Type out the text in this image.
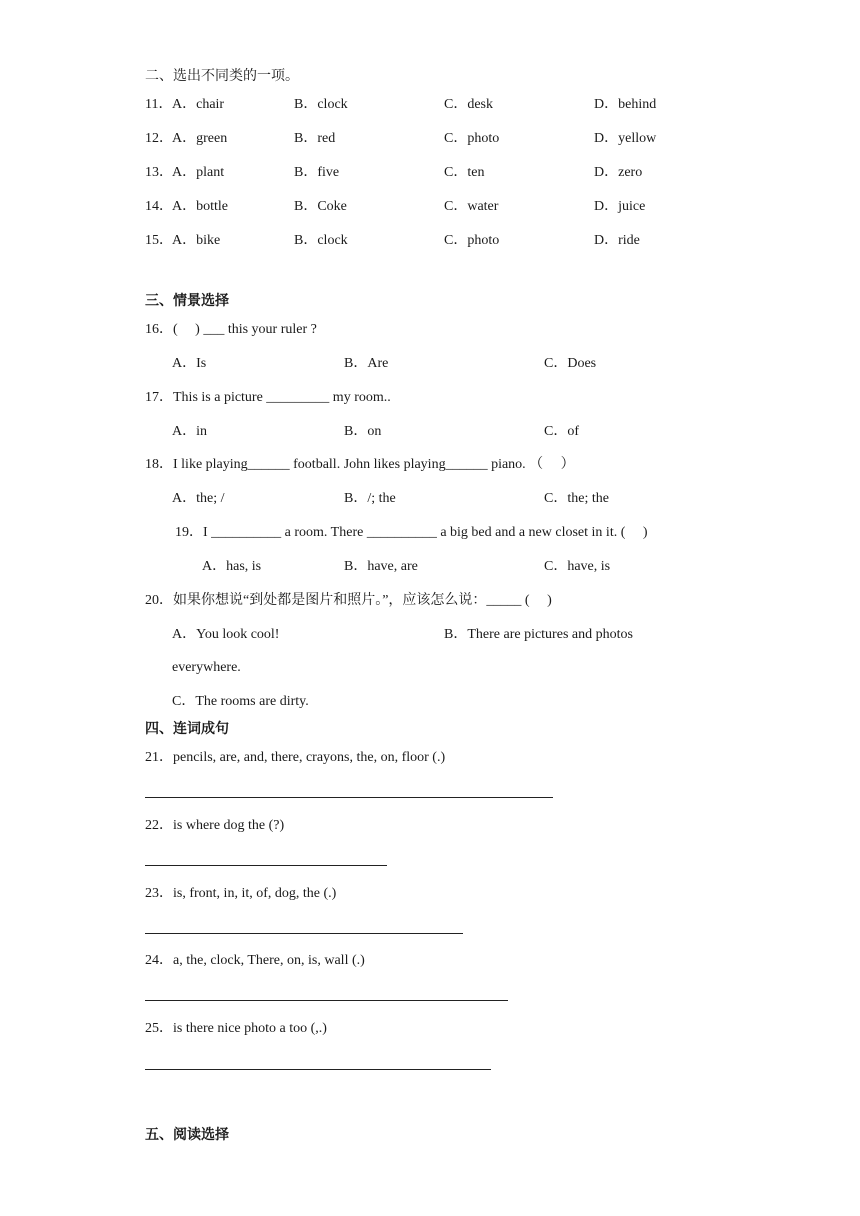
二、选出不同类的一项。
11． A．chair	B．clock	C．desk	D．behind
12． A．green	B．red	C．photo	D．yellow
13． A．plant	B．five	C．ten	D．zero
14． A．bottle	B．Coke	C．water	D．juice
15． A．bike	B．clock	C．photo	D．ride
三、情景选择
16．( 　) ___ this your ruler ?
A．Is	B．Are	C．Does
17．This is a picture _________ my room..
A．in	B．on	C．of
18．I like playing______ football. John likes playing______ piano. （　 ）
A．the; /	B．/; the	C．the; the
19．I __________ a room. There __________ a big bed and a new closet in it. (　 )
A．has, is	B．have, are	C．have, is
20．如果你想说“到处都是图片和照片。”，应该怎么说：_____ (　 )
A．You look cool!	B．There are pictures and photos
everywhere.
C．The rooms are dirty.
四、连词成句
21．pencils, are, and, there, crayons, the, on, floor (.)
22．is where dog the (?)
23．is, front, in, it, of, dog, the (.)
24．a, the, clock, There, on, is, wall (.)
25．is there nice photo a too (,.)
五、阅读选择
